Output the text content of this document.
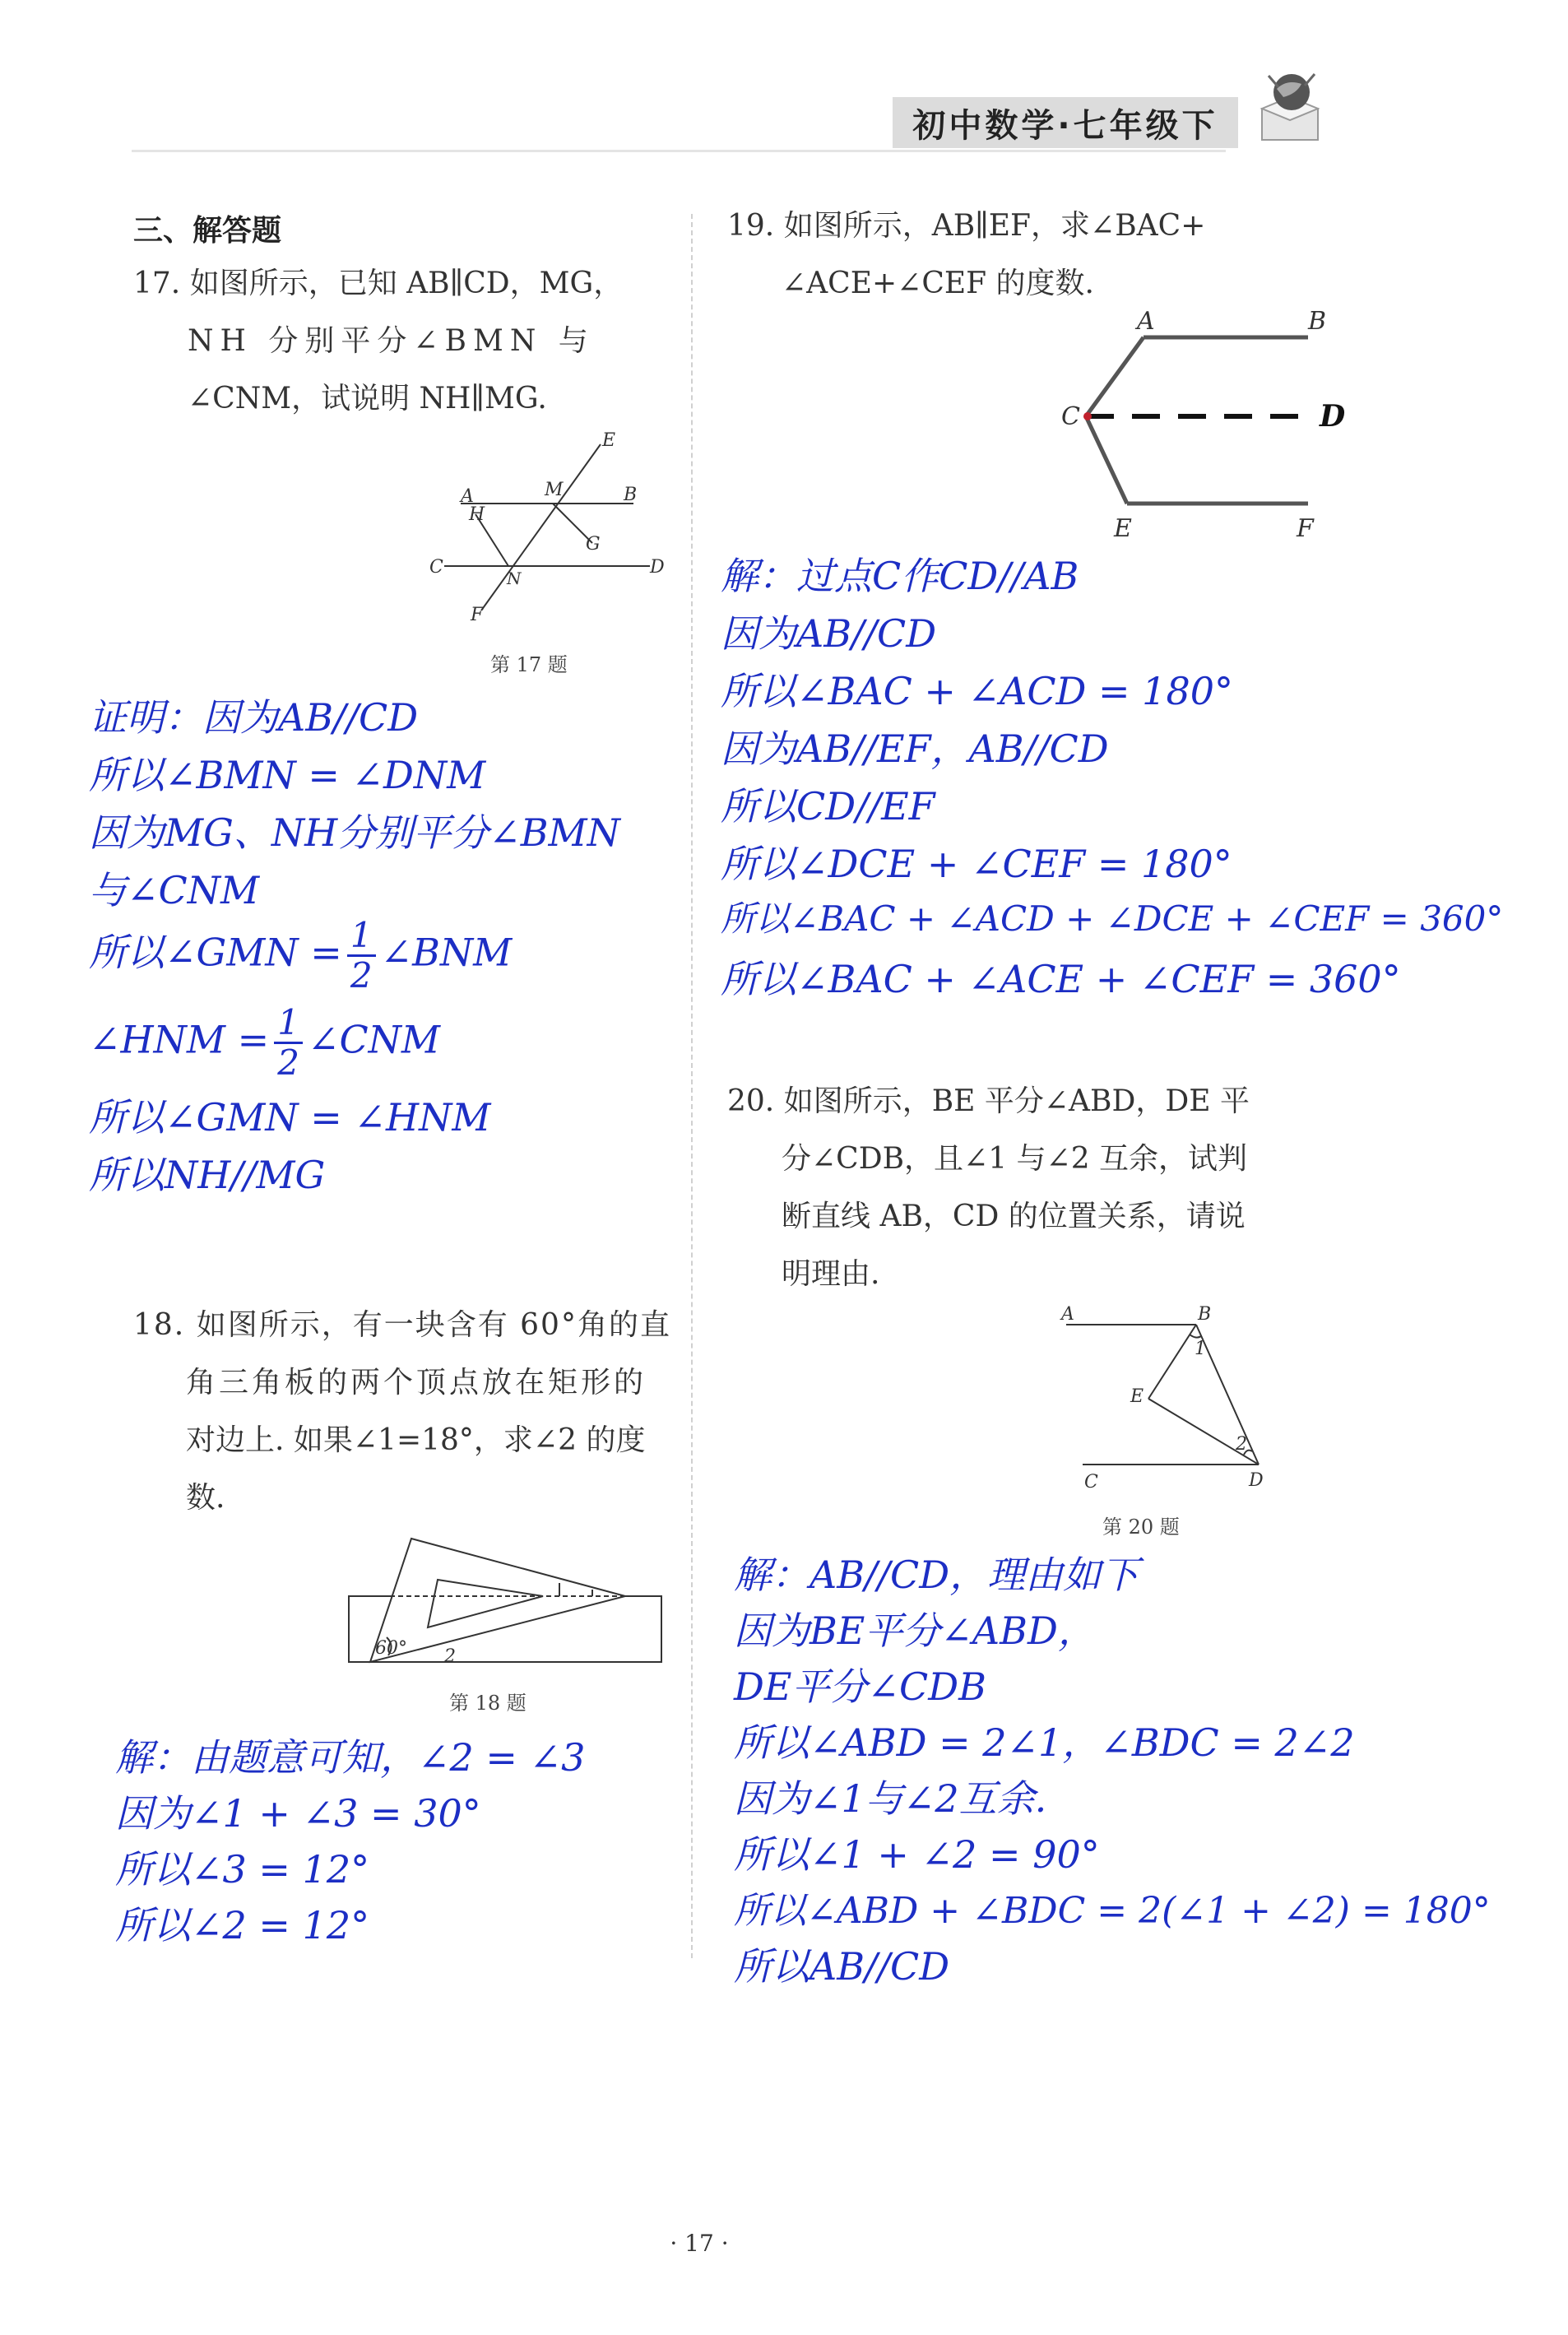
初中数学·七年级下
三、解答题
17. 如图所示，已知 AB∥CD，MG，
NH 分别平分∠BMN 与
∠CNM，试说明 NH∥MG.
A	B
C	D
E
F
G
H
M
N
第 17 题
证明：因为AB//CD
所以∠BMN = ∠DNM
因为MG、NH分别平分∠BMN
与∠CNM
所以∠GMN = $\frac{1}{2}$ ∠BNM
∠HNM = $\frac{1}{2}$ ∠CNM
所以∠GMN = ∠HNM
所以NH//MG
18. 如图所示，有一块含有 60°角的直
角三角板的两个顶点放在矩形的
对边上. 如果∠1=18°，求∠2 的度
数.
60° 2
第 18 题
解：由题意可知，∠2 = ∠3
因为∠1 + ∠3 = 30°
所以∠3 = 12°
所以∠2 = 12°
19. 如图所示，AB∥EF，求∠BAC+
∠ACE+∠CEF 的度数.
A	B
C	D
E	F
解：过点C作CD//AB
因为AB//CD
所以∠BAC + ∠ACD = 180°
因为AB//EF，AB//CD
所以CD//EF
所以∠DCE + ∠CEF = 180°
所以∠BAC + ∠ACD + ∠DCE + ∠CEF = 360°
所以∠BAC + ∠ACE + ∠CEF = 360°
20. 如图所示，BE 平分∠ABD，DE 平
分∠CDB，且∠1 与∠2 互余，试判
断直线 AB，CD 的位置关系，请说
明理由.
A	B
C	D
E
1
2
第 20 题
解：AB//CD，理由如下
因为BE平分∠ABD，
DE平分∠CDB
所以∠ABD = 2∠1，∠BDC = 2∠2
因为∠1与∠2互余.
所以∠1 + ∠2 = 90°
所以∠ABD + ∠BDC = 2(∠1 + ∠2) = 180°
所以AB//CD
· 17 ·
